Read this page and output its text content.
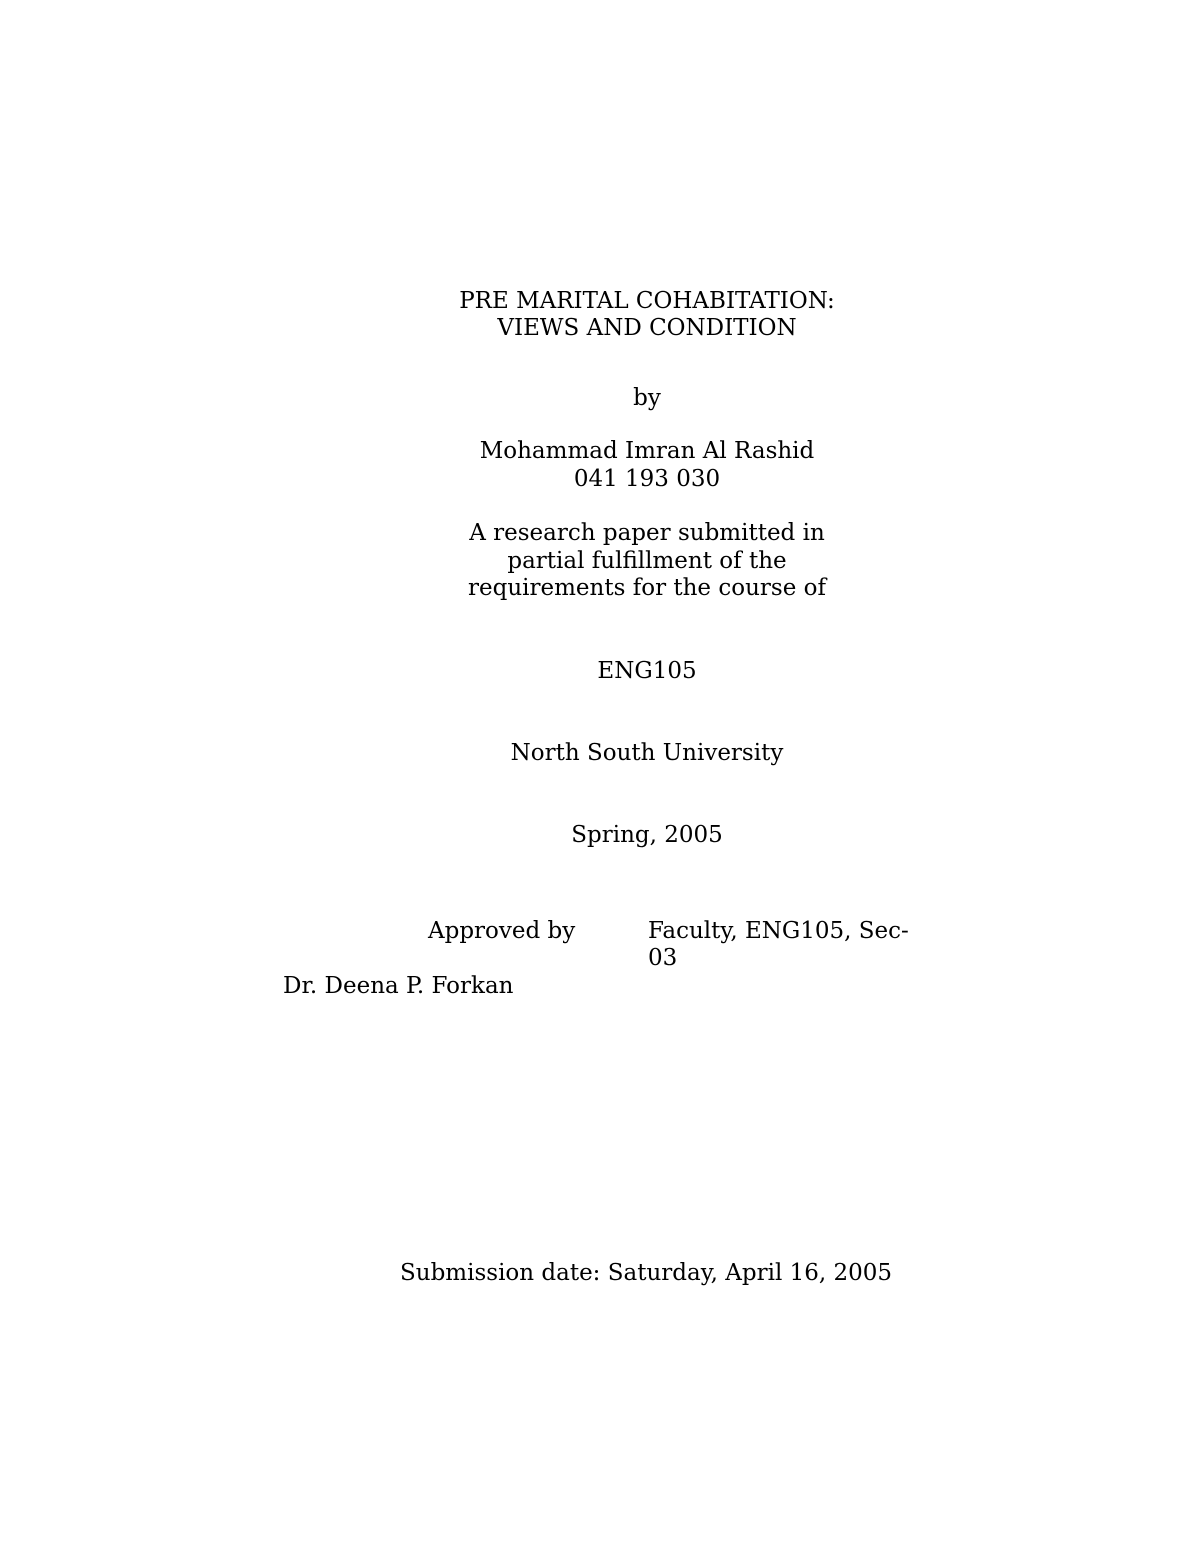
PRE MARITAL COHABITATION:
VIEWS AND CONDITION
by
Mohammad Imran Al Rashid
041 193 030
A research paper submitted in
partial fulfillment of the
requirements for the course of
ENG105
North South University
Spring, 2005
Approved by	Faculty, ENG105, Sec-
03
Dr. Deena P. Forkan
Submission date: Saturday, April 16, 2005
